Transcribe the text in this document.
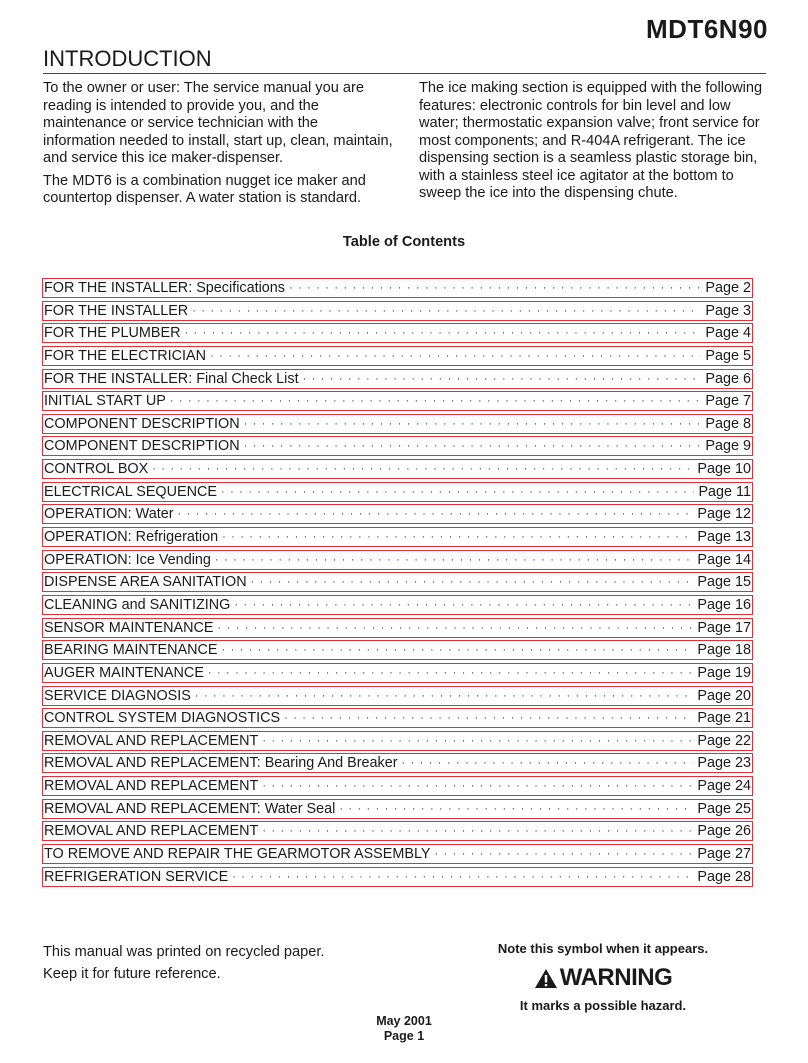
MDT6N90
INTRODUCTION

To the owner or user: The service manual you are reading is intended to provide you, and the maintenance or service technician with the information needed to install, start up, clean, maintain, and service this ice maker-dispenser.

The MDT6 is a combination nugget ice maker and countertop dispenser. A water station is standard.

The ice making section is equipped with the following features: electronic controls for bin level and low water; thermostatic expansion valve; front service for most components; and R-404A refrigerant. The ice dispensing section is a seamless plastic storage bin, with a stainless steel ice agitator at the bottom to sweep the ice into the dispensing chute.

Table of Contents
FOR THE INSTALLER: Specifications ·····	Page 2
FOR THE INSTALLER ·····	Page 3
FOR THE PLUMBER ·····	Page 4
FOR THE ELECTRICIAN ·····	Page 5
FOR THE INSTALLER: Final Check List ·····	Page 6
INITIAL START UP ·····	Page 7
COMPONENT DESCRIPTION ·····	Page 8
COMPONENT DESCRIPTION ·····	Page 9
CONTROL BOX ·····	Page 10
ELECTRICAL SEQUENCE ·····	Page 11
OPERATION: Water ·····	Page 12
OPERATION: Refrigeration ·····	Page 13
OPERATION: Ice Vending ·····	Page 14
DISPENSE AREA SANITATION ·····	Page 15
CLEANING and SANITIZING ·····	Page 16
SENSOR MAINTENANCE ·····	Page 17
BEARING MAINTENANCE ·····	Page 18
AUGER MAINTENANCE ·····	Page 19
SERVICE DIAGNOSIS ·····	Page 20
CONTROL SYSTEM DIAGNOSTICS ·····	Page 21
REMOVAL AND REPLACEMENT ·····	Page 22
REMOVAL AND REPLACEMENT: Bearing And Breaker ·····	Page 23
REMOVAL AND REPLACEMENT ·····	Page 24
REMOVAL AND REPLACEMENT: Water Seal ·····	Page 25
REMOVAL AND REPLACEMENT ·····	Page 26
TO REMOVE AND REPAIR THE GEARMOTOR ASSEMBLY ·····	Page 27
REFRIGERATION SERVICE ·····	Page 28
This manual was printed on recycled paper.
Keep it for future reference.
Note this symbol when it appears.
WARNING
It marks a possible hazard.
May 2001
Page 1
